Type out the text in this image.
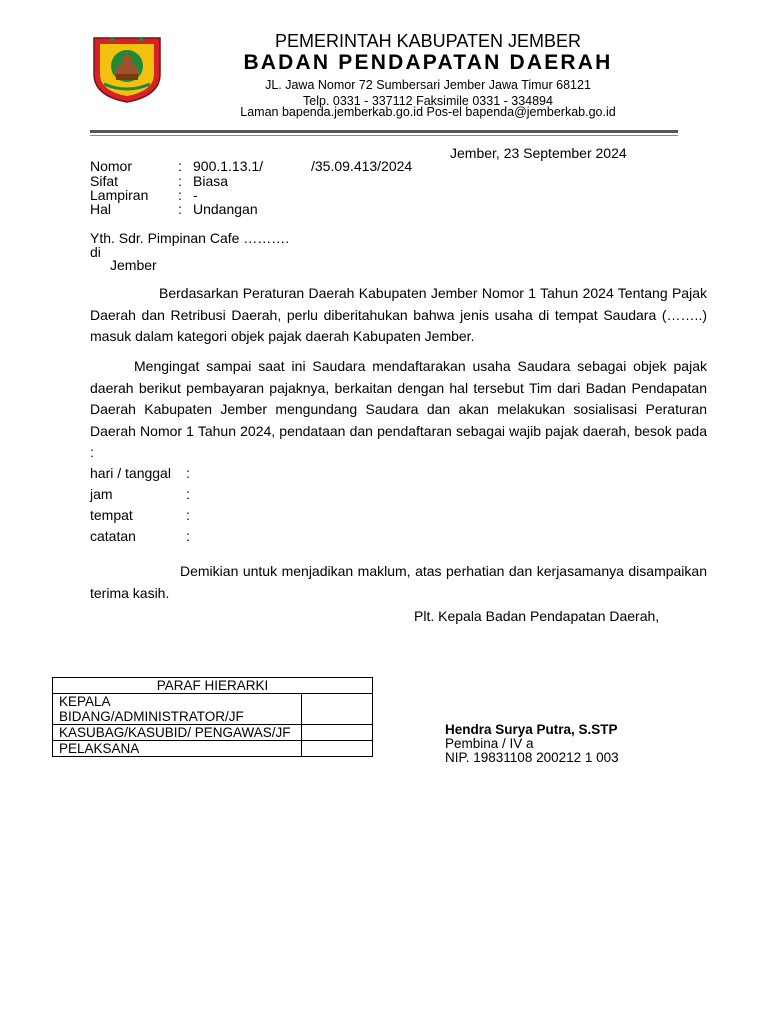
PEMERINTAH KABUPATEN JEMBER
BADAN PENDAPATAN DAERAH
JL. Jawa Nomor 72 Sumbersari Jember Jawa Timur 68121
Telp. 0331 - 337112 Faksimile 0331 - 334894
Laman bapenda.jemberkab.go.id Pos-el bapenda@jemberkab.go.id
Jember, 23 September 2024
Nomor	: 900.1.13.1/	/35.09.413/2024
Sifat	: Biasa
Lampiran : -
Hal	: Undangan
Yth. Sdr. Pimpinan Cafe ……….
di
Jember
Berdasarkan Peraturan Daerah Kabupaten Jember Nomor 1 Tahun 2024 Tentang Pajak Daerah dan Retribusi Daerah, perlu diberitahukan bahwa jenis usaha di tempat Saudara (……..) masuk dalam kategori objek pajak daerah Kabupaten Jember.
Mengingat sampai saat ini Saudara mendaftarakan usaha Saudara sebagai objek pajak daerah berikut pembayaran pajaknya, berkaitan dengan hal tersebut Tim dari Badan Pendapatan Daerah Kabupaten Jember mengundang Saudara dan akan melakukan sosialisasi Peraturan Daerah Nomor 1 Tahun 2024, pendataan dan pendaftaran sebagai wajib pajak daerah, besok pada :
hari / tanggal :
jam	:
tempat	:
catatan	:
Demikian untuk menjadikan maklum, atas perhatian dan kerjasamanya disampaikan terima kasih.
Plt. Kepala Badan Pendapatan Daerah,
PARAF HIERARKI	
KEPALA BIDANG/ADMINISTRATOR/JF	
KASUBAG/KASUBID/ PENGAWAS/JF	
PELAKSANA	
Hendra Surya Putra, S.STP
Pembina / IV a
NIP. 19831108 200212 1 003
